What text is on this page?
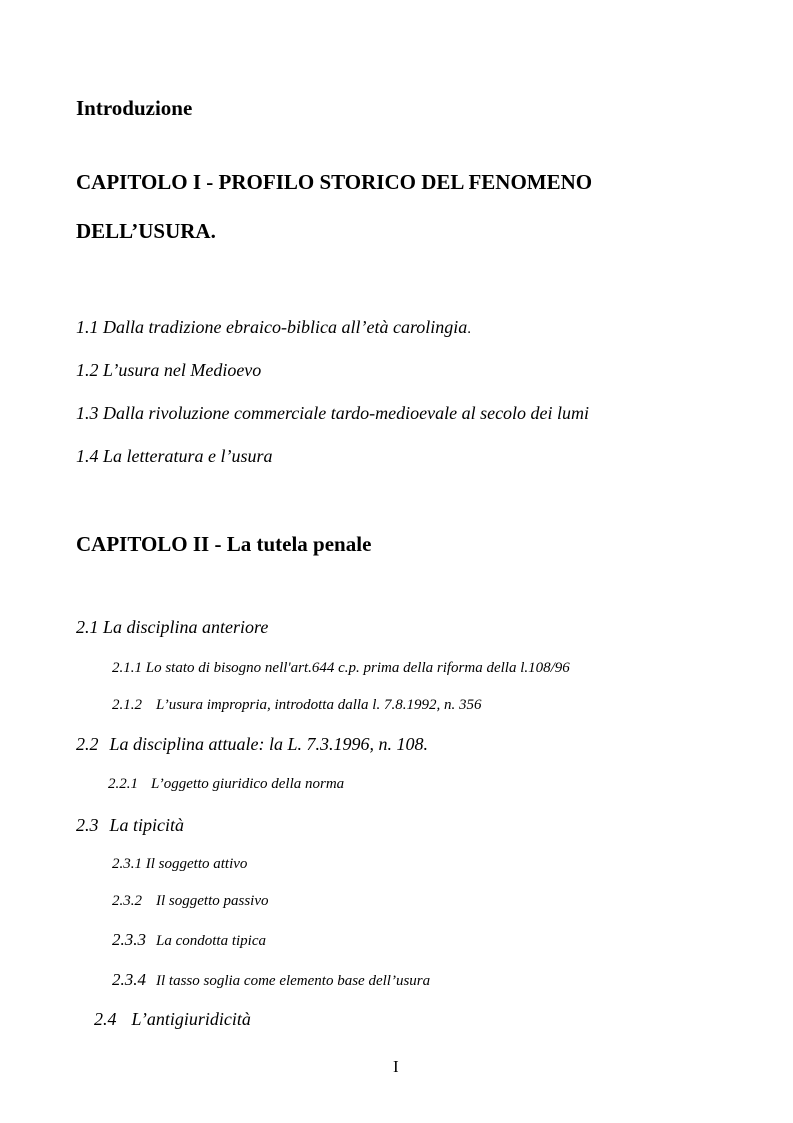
Introduzione
CAPITOLO I - PROFILO STORICO DEL FENOMENO
DELL’USURA.
1.1 Dalla tradizione ebraico-biblica all’età carolingia.
1.2 L’usura nel Medioevo
1.3 Dalla rivoluzione commerciale tardo-medioevale al secolo dei lumi
1.4 La letteratura e l’usura
CAPITOLO II - La tutela penale
2.1 La disciplina anteriore
2.1.1 Lo stato di bisogno nell'art.644 c.p. prima della riforma della l.108/96
2.1.2 L’usura impropria, introdotta dalla l. 7.8.1992, n. 356
2.2 La disciplina attuale: la L. 7.3.1996, n. 108.
2.2.1 L’oggetto giuridico della norma
2.3 La tipicità
2.3.1 Il soggetto attivo
2.3.2 Il soggetto passivo
2.3.3 La condotta tipica
2.3.4 Il tasso soglia come elemento base dell’usura
2.4 L’antigiuridicità
I
